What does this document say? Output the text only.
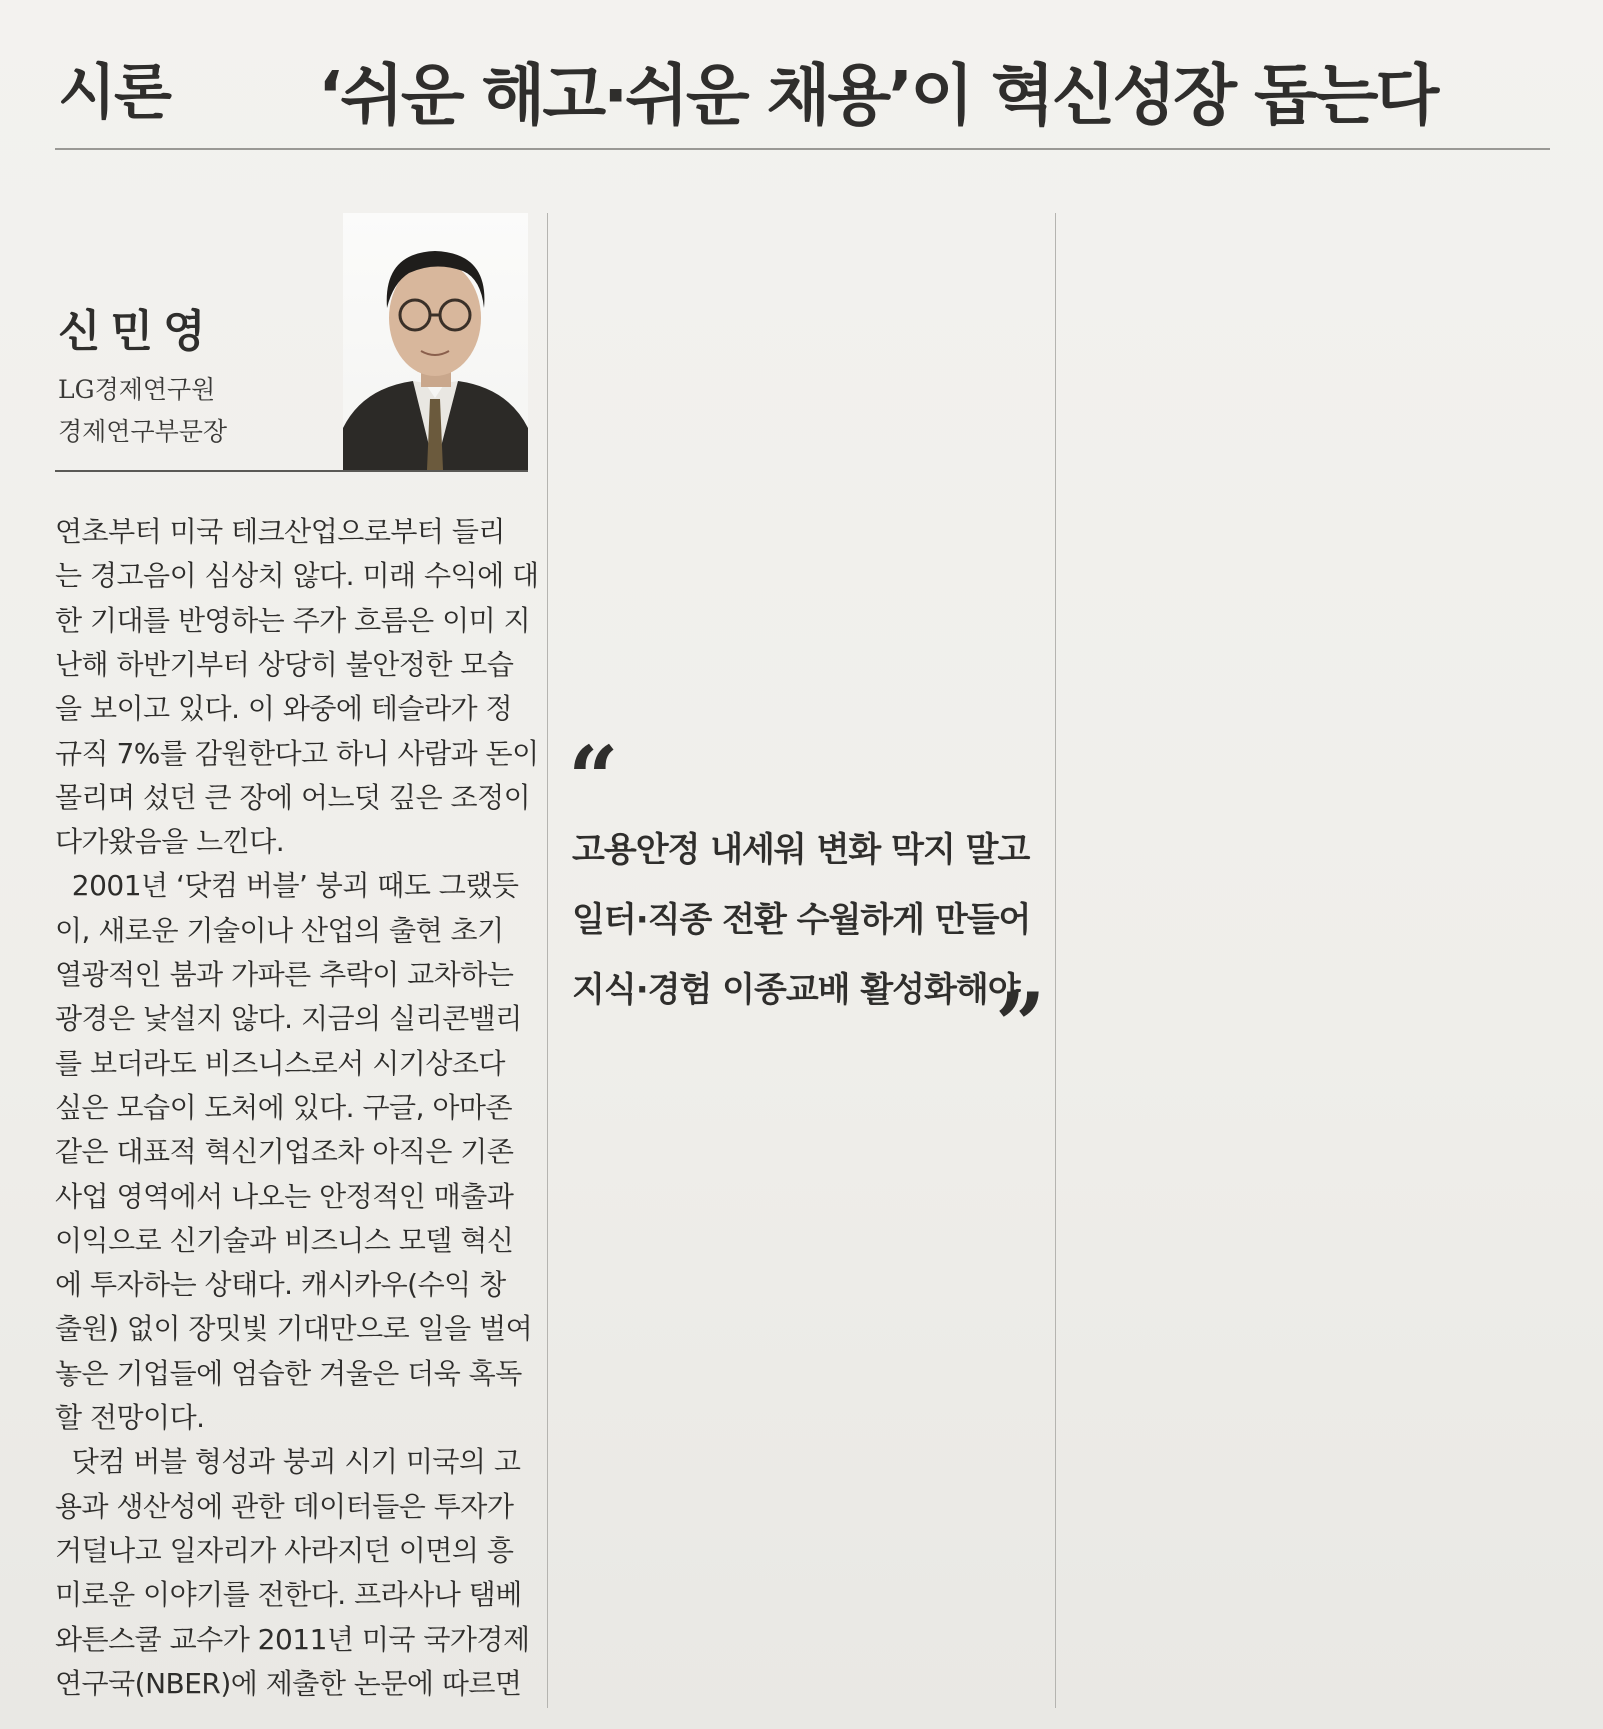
시론 ‘쉬운 해고·쉬운 채용’이 혁신성장 돕는다
신민영
LG경제연구원
경제연구부문장
연초부터 미국 테크산업으로부터 들리
는 경고음이 심상치 않다. 미래 수익에 대
한 기대를 반영하는 주가 흐름은 이미 지
난해 하반기부터 상당히 불안정한 모습
을 보이고 있다. 이 와중에 테슬라가 정
규직 7%를 감원한다고 하니 사람과 돈이
몰리며 섰던 큰 장에 어느덧 깊은 조정이
다가왔음을 느낀다.
2001년 ‘닷컴 버블’ 붕괴 때도 그랬듯
이, 새로운 기술이나 산업의 출현 초기
열광적인 붐과 가파른 추락이 교차하는
광경은 낯설지 않다. 지금의 실리콘밸리
를 보더라도 비즈니스로서 시기상조다
싶은 모습이 도처에 있다. 구글, 아마존
같은 대표적 혁신기업조차 아직은 기존
사업 영역에서 나오는 안정적인 매출과
이익으로 신기술과 비즈니스 모델 혁신
에 투자하는 상태다. 캐시카우(수익 창
출원) 없이 장밋빛 기대만으로 일을 벌여
놓은 기업들에 엄습한 겨울은 더욱 혹독
할 전망이다.
닷컴 버블 형성과 붕괴 시기 미국의 고
용과 생산성에 관한 데이터들은 투자가
거덜나고 일자리가 사라지던 이면의 흥
미로운 이야기를 전한다. 프라사나 탬베
와튼스쿨 교수가 2011년 미국 국가경제
연구국(NBER)에 제출한 논문에 따르면
“
고용안정 내세워 변화 막지 말고
일터·직종 전환 수월하게 만들어
지식·경험 이종교배 활성화해야
”
